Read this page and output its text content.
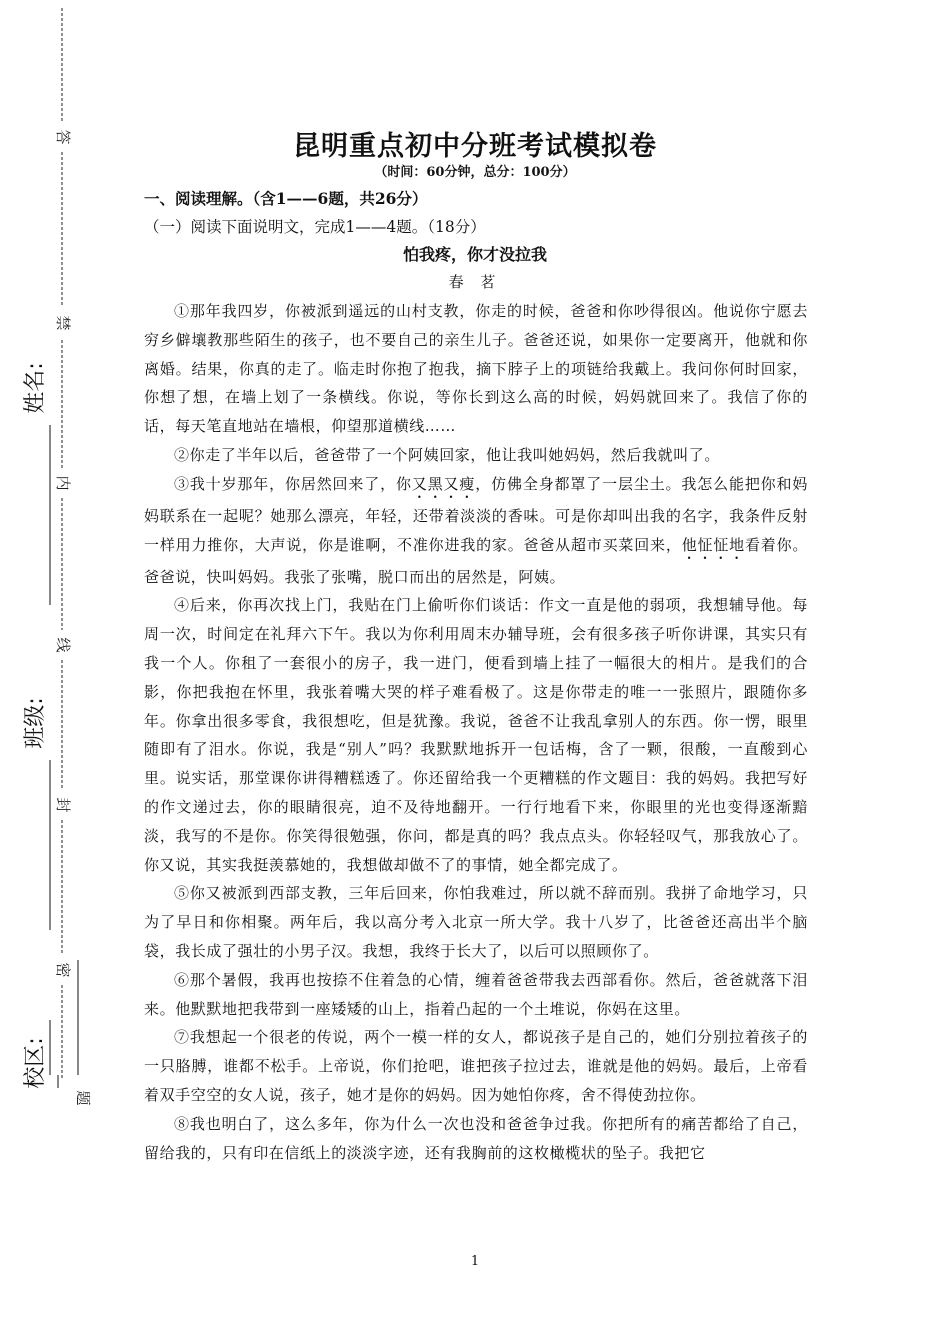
答
禁
内
线
封
密
题
姓名:
班级:
校区:
昆明重点初中分班考试模拟卷
（时间：60分钟，总分：100分）
一、阅读理解。（含1——6题，共26分）
（一）阅读下面说明文，完成1——4题。（18分）
怕我疼，你才没拉我
春 茗

①那年我四岁，你被派到遥远的山村支教，你走的时候，爸爸和你吵得很凶。他说你宁愿去穷乡僻壤教那些陌生的孩子，也不要自己的亲生儿子。爸爸还说，如果你一定要离开，他就和你离婚。结果，你真的走了。临走时你抱了抱我，摘下脖子上的项链给我戴上。我问你何时回家，你想了想，在墙上划了一条横线。你说，等你长到这么高的时候，妈妈就回来了。我信了你的话，每天笔直地站在墙根，仰望那道横线……

②你走了半年以后，爸爸带了一个阿姨回家，他让我叫她妈妈，然后我就叫了。

③我十岁那年，你居然回来了，你又黑又瘦，仿佛全身都罩了一层尘土。我怎么能把你和妈妈联系在一起呢？她那么漂亮，年轻，还带着淡淡的香味。可是你却叫出我的名字，我条件反射一样用力推你，大声说，你是谁啊，不准你进我的家。爸爸从超市买菜回来，他怔怔地看着你。爸爸说，快叫妈妈。我张了张嘴，脱口而出的居然是，阿姨。

④后来，你再次找上门，我贴在门上偷听你们谈话：作文一直是他的弱项，我想辅导他。每周一次，时间定在礼拜六下午。我以为你利用周末办辅导班，会有很多孩子听你讲课，其实只有我一个人。你租了一套很小的房子，我一进门，便看到墙上挂了一幅很大的相片。是我们的合影，你把我抱在怀里，我张着嘴大哭的样子难看极了。这是你带走的唯一一张照片，跟随你多年。你拿出很多零食，我很想吃，但是犹豫。我说，爸爸不让我乱拿别人的东西。你一愣，眼里随即有了泪水。你说，我是“别人”吗？我默默地拆开一包话梅，含了一颗，很酸，一直酸到心里。说实话，那堂课你讲得糟糕透了。你还留给我一个更糟糕的作文题目：我的妈妈。我把写好的作文递过去，你的眼睛很亮，迫不及待地翻开。一行行地看下来，你眼里的光也变得逐渐黯淡，我写的不是你。你笑得很勉强，你问，都是真的吗？我点点头。你轻轻叹气，那我放心了。你又说，其实我挺羡慕她的，我想做却做不了的事情，她全都完成了。

⑤你又被派到西部支教，三年后回来，你怕我难过，所以就不辞而别。我拼了命地学习，只为了早日和你相聚。两年后，我以高分考入北京一所大学。我十八岁了，比爸爸还高出半个脑袋，我长成了强壮的小男子汉。我想，我终于长大了，以后可以照顾你了。

⑥那个暑假，我再也按捺不住着急的心情，缠着爸爸带我去西部看你。然后，爸爸就落下泪来。他默默地把我带到一座矮矮的山上，指着凸起的一个土堆说，你妈在这里。

⑦我想起一个很老的传说，两个一模一样的女人，都说孩子是自己的，她们分别拉着孩子的一只胳膊，谁都不松手。上帝说，你们抢吧，谁把孩子拉过去，谁就是他的妈妈。最后，上帝看着双手空空的女人说，孩子，她才是你的妈妈。因为她怕你疼，舍不得使劲拉你。

⑧我也明白了，这么多年，你为什么一次也没和爸爸争过我。你把所有的痛苦都给了自己，留给我的，只有印在信纸上的淡淡字迹，还有我胸前的这枚橄榄状的坠子。我把它

1
